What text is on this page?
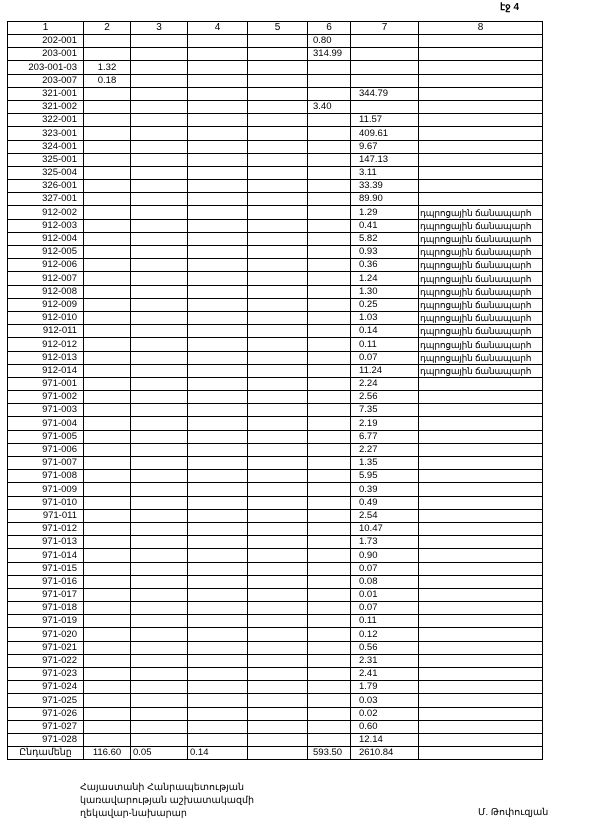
էջ 4
1	2	3	4	5	6	7	8
202-001					0.80		
203-001					314.99		
203-001-03	1.32						
203-007	0.18						
321-001						344.79	
321-002					3.40		
322-001						11.57	
323-001						409.61	
324-001						9.67	
325-001						147.13	
325-004						3.11	
326-001						33.39	
327-001						89.90	
912-002						1.29	դպրոցային ճանապարհ
912-003						0.41	դպրոցային ճանապարհ
912-004						5.82	դպրոցային ճանապարհ
912-005						0.93	դպրոցային ճանապարհ
912-006						0.36	դպրոցային ճանապարհ
912-007						1.24	դպրոցային ճանապարհ
912-008						1.30	դպրոցային ճանապարհ
912-009						0.25	դպրոցային ճանապարհ
912-010						1.03	դպրոցային ճանապարհ
912-011						0.14	դպրոցային ճանապարհ
912-012						0.11	դպրոցային ճանապարհ
912-013						0.07	դպրոցային ճանապարհ
912-014						11.24	դպրոցային ճանապարհ
971-001						2.24	
971-002						2.56	
971-003						7.35	
971-004						2.19	
971-005						6.77	
971-006						2.27	
971-007						1.35	
971-008						5.95	
971-009						0.39	
971-010						0.49	
971-011						2.54	
971-012						10.47	
971-013						1.73	
971-014						0.90	
971-015						0.07	
971-016						0.08	
971-017						0.01	
971-018						0.07	
971-019						0.11	
971-020						0.12	
971-021						0.56	
971-022						2.31	
971-023						2.41	
971-024						1.79	
971-025						0.03	
971-026						0.02	
971-027						0.60	
971-028						12.14	
Ընդամենը	116.60	0.05	0.14		593.50	2610.84	
Հայաստանի Հանրապետության
կառավարության աշխատակազմի
ղեկավար-նախարար	Մ. Թոփուզյան
